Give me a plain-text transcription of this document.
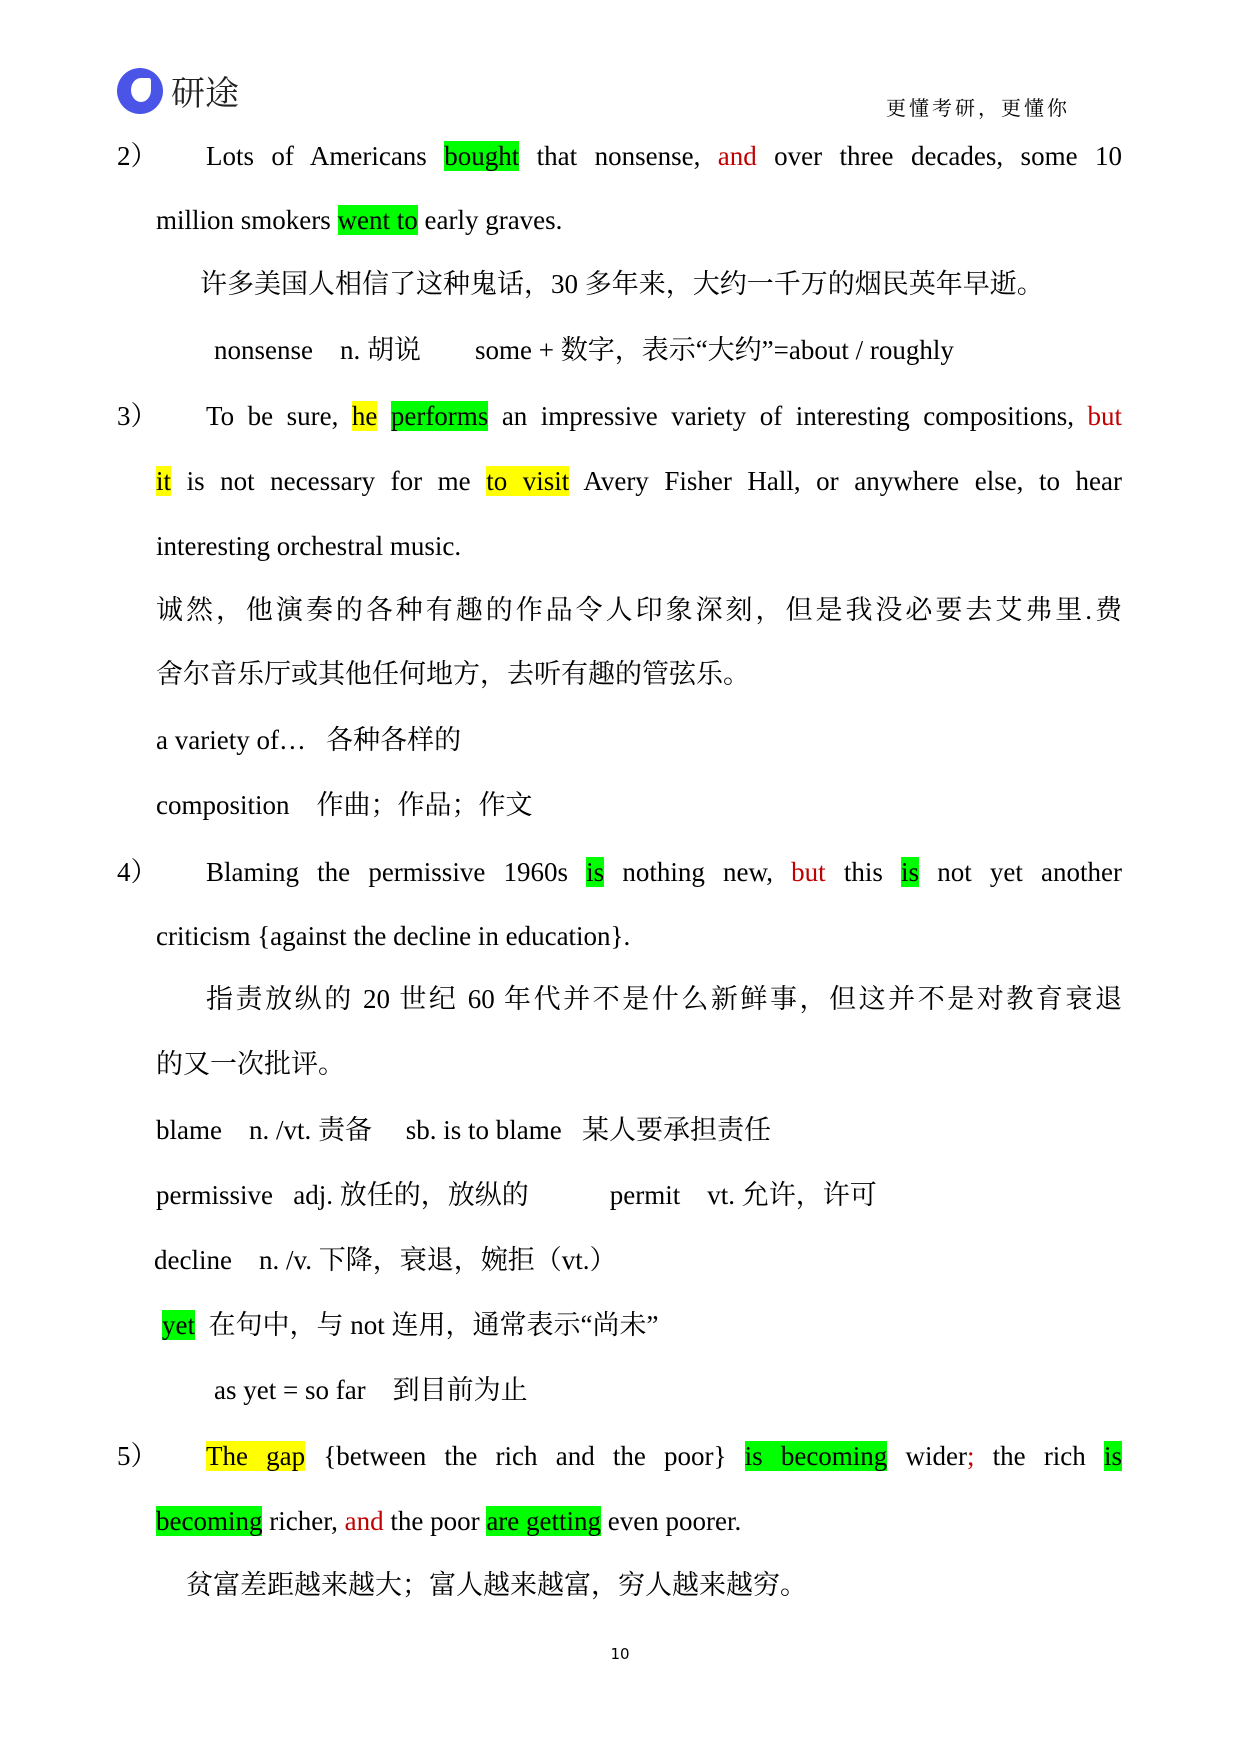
研途	更懂考研，更懂你
2） Lots of Americans bought that nonsense, and over three decades, some 10
million smokers went to early graves.
许多美国人相信了这种鬼话，30 多年来，大约一千万的烟民英年早逝。
nonsense    n. 胡说        some + 数字，表示“大约”=about / roughly
3） To be sure, he performs an impressive variety of interesting compositions, but
it is not necessary for me to visit Avery Fisher Hall, or anywhere else, to hear
interesting orchestral music.
诚然，他演奏的各种有趣的作品令人印象深刻，但是我没必要去艾弗里.费
舍尔音乐厅或其他任何地方，去听有趣的管弦乐。
a variety of…   各种各样的
composition    作曲；作品；作文
4） Blaming the permissive 1960s is nothing new, but this is not yet another
criticism {against the decline in education}.
指责放纵的 20 世纪 60 年代并不是什么新鲜事，但这并不是对教育衰退
的又一次批评。
blame    n. /vt. 责备     sb. is to blame   某人要承担责任
permissive   adj. 放任的，放纵的            permit    vt. 允许，许可
decline    n. /v. 下降，衰退，婉拒（vt.）
yet  在句中，与 not 连用，通常表示“尚未”
as yet = so far    到目前为止
5） The gap {between the rich and the poor} is becoming wider; the rich is
becoming richer, and the poor are getting even poorer.
贫富差距越来越大；富人越来越富，穷人越来越穷。
10
